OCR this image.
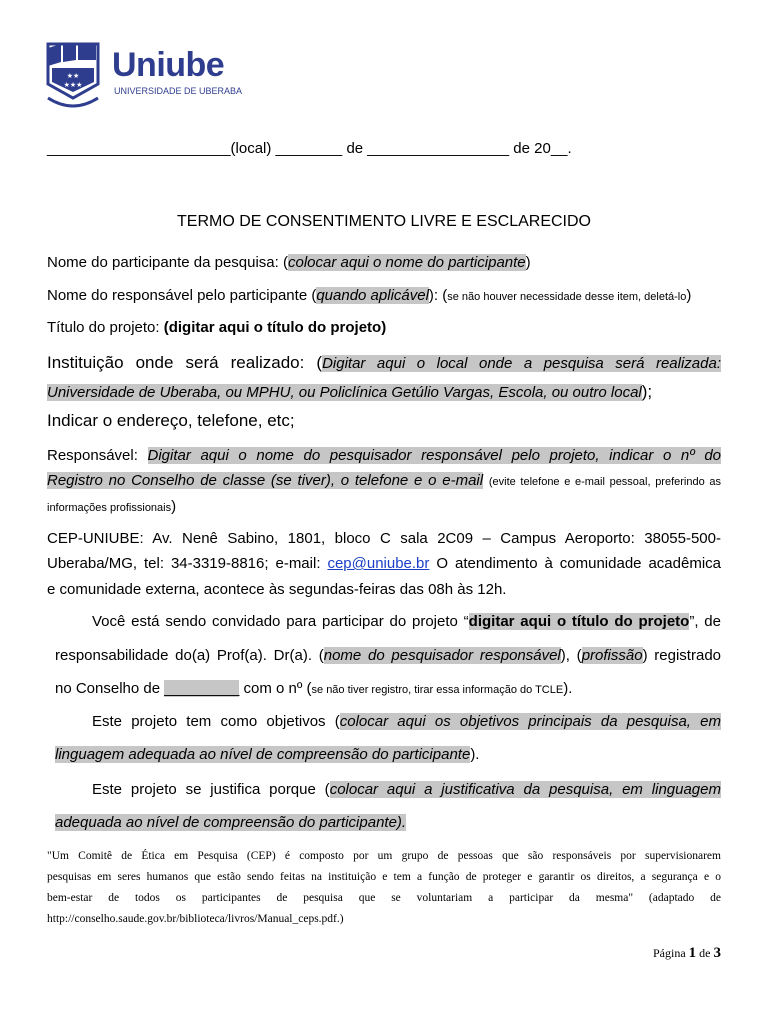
★★
★★★
Uniube
UNIVERSIDADE DE UBERABA

______________________(local) ________ de _________________ de 20__.

TERMO DE CONSENTIMENTO LIVRE E ESCLARECIDO

Nome do participante da pesquisa: (colocar aqui o nome do participante)

Nome do responsável pelo participante (quando aplicável): (se não houver necessidade desse item, deletá-lo)

Título do projeto: (digitar aqui o título do projeto)

Instituição onde será realizado: (Digitar aqui o local onde a pesquisa será realizada:

Universidade de Uberaba, ou MPHU, ou Policlínica Getúlio Vargas, Escola, ou outro local);

Indicar o endereço, telefone, etc;

Responsável: Digitar aqui o nome do pesquisador responsável pelo projeto, indicar o nº do

Registro no Conselho de classe (se tiver), o telefone e o e-mail (evite telefone e e-mail pessoal, preferindo as

informações profissionais)

CEP-UNIUBE: Av. Nenê Sabino, 1801, bloco C sala 2C09 – Campus Aeroporto: 38055-500-

Uberaba/MG, tel: 34-3319-8816; e-mail: cep@uniube.br O atendimento à comunidade acadêmica

e comunidade externa, acontece às segundas-feiras das 08h às 12h.

Você está sendo convidado para participar do projeto “digitar aqui o título do projeto”, de

responsabilidade do(a) Prof(a). Dr(a). (nome do pesquisador responsável), (profissão) registrado

no Conselho de _________ com o nº (se não tiver registro, tirar essa informação do TCLE).

Este projeto tem como objetivos (colocar aqui os objetivos principais da pesquisa, em

linguagem adequada ao nível de compreensão do participante).

Este projeto se justifica porque (colocar aqui a justificativa da pesquisa, em linguagem

adequada ao nível de compreensão do participante).

"Um Comitê de Ética em Pesquisa (CEP) é composto por um grupo de pessoas que são responsáveis por supervisionarem

pesquisas em seres humanos que estão sendo feitas na instituição e tem a função de proteger e garantir os direitos, a segurança e o

bem-estar de todos os participantes de pesquisa que se voluntariam a participar da mesma" (adaptado de

http://conselho.saude.gov.br/biblioteca/livros/Manual_ceps.pdf.)

Página 1 de 3
